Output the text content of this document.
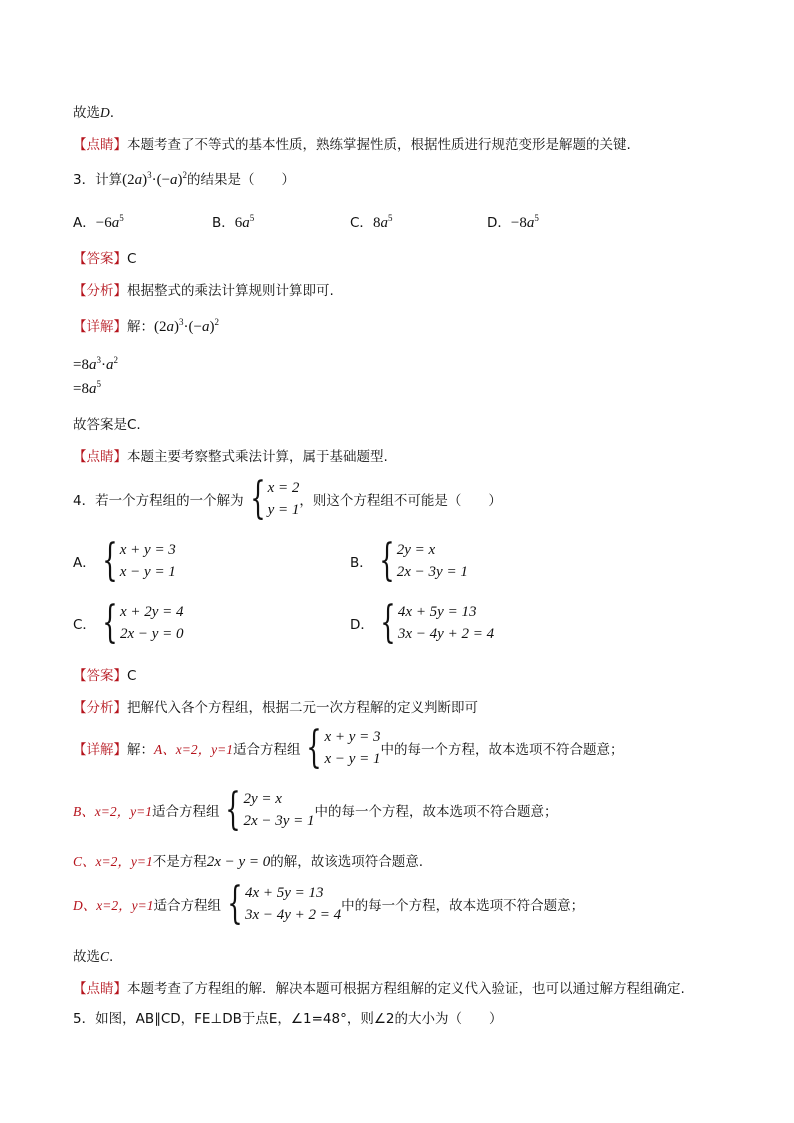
故选D.
【点睛】本题考查了不等式的基本性质，熟练掌握性质，根据性质进行规范变形是解题的关键.
3．计算$(2a)^3\cdot(-a)^2$的结果是（　　）
A．$-6a^5$	B．$6a^5$	C．$8a^5$	D．$-8a^5$
【答案】C
【分析】根据整式的乘法计算规则计算即可.
【详解】解：$(2a)^3\cdot(-a)^2$
$=8a^3\cdot a^2$
$=8a^5$
故答案是C.
【点睛】本题主要考察整式乘法计算，属于基础题型.
4．若一个方程组的一个解为 { x = 2
y = 1
，则这个方程组不可能是（　　）
A． { x + y = 3
x − y = 1
B． { 2y = x
2x − 3y = 1
C． { x + 2y = 4
2x − y = 0
D． { 4x + 5y = 13
3x − 4y + 2 = 4
【答案】C
【分析】把解代入各个方程组，根据二元一次方程解的定义判断即可
【详解】 解： A、x=2，y=1 适合方程组 { x + y = 3
x − y = 1
中的每一个方程，故本选项不符合题意；
B、x=2，y=1 适合方程组 { 2y = x
2x − 3y = 1
中的每一个方程，故本选项不符合题意；
C、x=2，y=1不是方程2x − y = 0的解，故该选项符合题意.
D、x=2，y=1 适合方程组 { 4x + 5y = 13
3x − 4y + 2 = 4
中的每一个方程，故本选项不符合题意；
故选C.
【点睛】本题考查了方程组的解．解决本题可根据方程组解的定义代入验证，也可以通过解方程组确定.
5．如图，AB∥CD，FE⊥DB于点E，∠1=48°，则∠2的大小为（　　）
